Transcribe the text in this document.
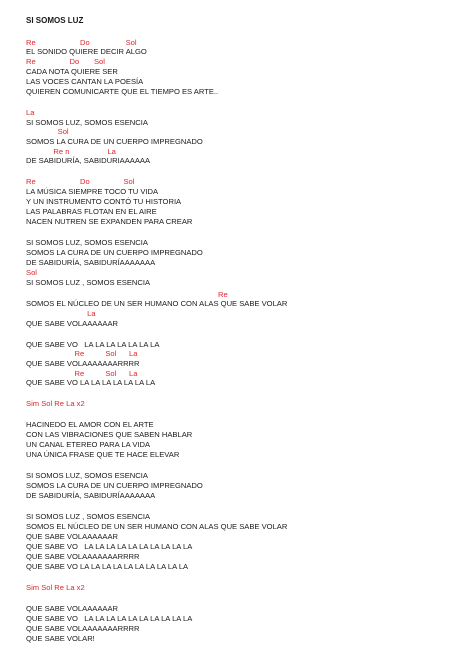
SI SOMOS LUZ
Re                     Do                 Sol
EL SONIDO QUIERE DECIR ALGO
Re                Do       Sol
CADA NOTA QUIERE SER
LAS VOCES CANTAN LA POESÍA
QUIEREN COMUNICARTE QUE EL TIEMPO ES ARTE..
La
SI SOMOS LUZ, SOMOS ESENCIA
Sol
SOMOS LA CURA DE UN CUERPO IMPREGNADO
Re n                  La
DE SABIDURÍA, SABIDURIAAAAAA
Re                     Do                Sol
LA MÚSICA SIEMPRE TOCO TU VIDA
Y UN INSTRUMENTO CONTÓ TU HISTORIA
LAS PALABRAS FLOTAN EN EL AIRE
NACEN NUTREN SE EXPANDEN PARA CREAR
SI SOMOS LUZ, SOMOS ESENCIA
SOMOS LA CURA DE UN CUERPO IMPREGNADO
DE SABIDURÍA, SABIDURÍAAAAAAA
Sol
SI SOMOS LUZ , SOMOS ESENCIA
Re
SOMOS EL NÚCLEO DE UN SER HUMANO CON ALAS QUE SABE VOLAR
La
QUE SABE VOLAAAAAAR
QUE SABE VO   LA LA LA LA LA LA LA
Re          Sol      La
QUE SABE VOLAAAAAAARRRR
Re          Sol      La
QUE SABE VO LA LA LA LA LA LA LA
Sim Sol Re La x2
HACINEDO EL AMOR CON EL ARTE
CON LAS VIBRACIONES QUE SABEN HABLAR
UN CANAL ETEREO PARA LA VIDA
UNA ÚNICA FRASE QUE TE HACE ELEVAR
SI SOMOS LUZ, SOMOS ESENCIA
SOMOS LA CURA DE UN CUERPO IMPREGNADO
DE SABIDURÍA, SABIDURÍAAAAAAA
SI SOMOS LUZ , SOMOS ESENCIA
SOMOS EL NÚCLEO DE UN SER HUMANO CON ALAS QUE SABE VOLAR
QUE SABE VOLAAAAAAR
QUE SABE VO   LA LA LA LA LA LA LA LA LA LA
QUE SABE VOLAAAAAAARRRR
QUE SABE VO LA LA LA LA LA LA LA LA LA LA
Sim Sol Re La x2
QUE SABE VOLAAAAAAR
QUE SABE VO   LA LA LA LA LA LA LA LA LA LA
QUE SABE VOLAAAAAAARRRR
QUE SABE VOLAR!
